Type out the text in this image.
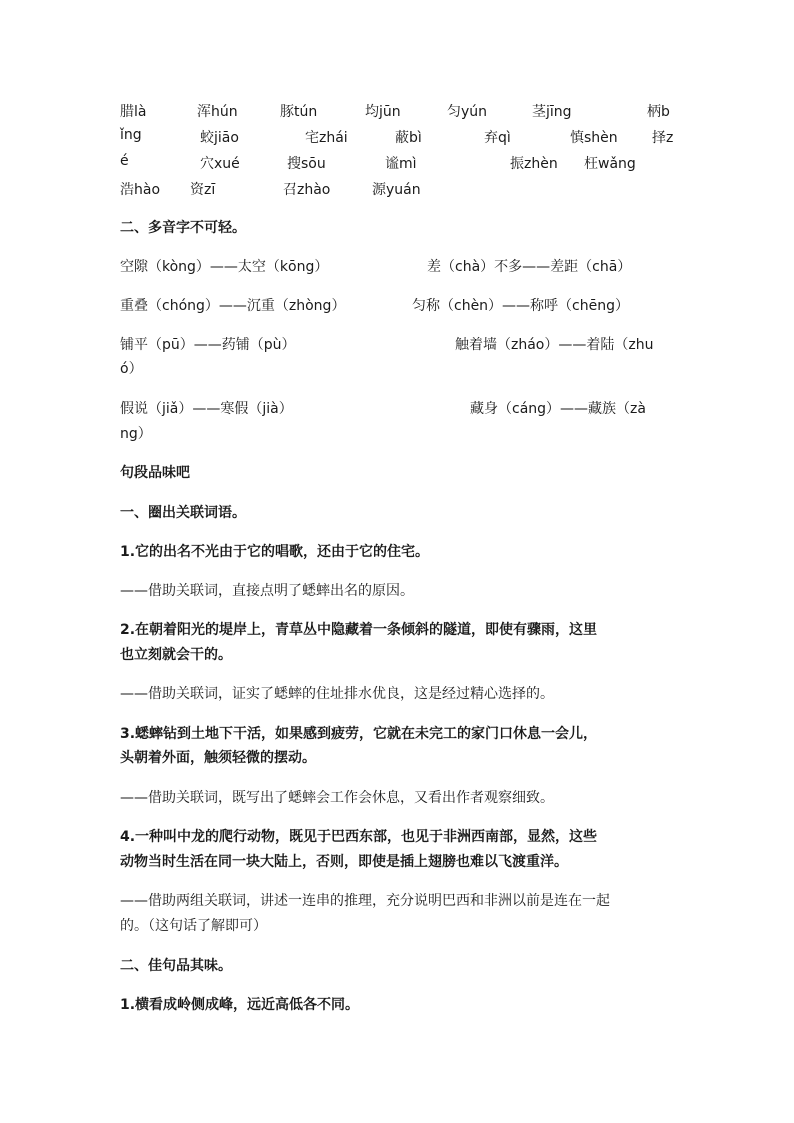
腊là	浑hún	豚tún	均jūn	匀yún	茎jīng	柄b
ǐng	蛟jiāo	宅zhái	蔽bì	弃qì	慎shèn 择z
é	穴xué	搜sōu	谧mì	振zhèn 枉wǎng
浩hào 资zī	召zhào	源yuán
二、多音字不可轻。
空隙（kòng）——太空（kōng）	差（chà）不多——差距（chā）
重叠（chóng）——沉重（zhòng）	匀称（chèn）——称呼（chēng）
铺平（pū）——药铺（pù）	触着墙（zháo）——着陆（zhu
ó）
假说（jiǎ）——寒假（jià）	藏身（cáng）——藏族（zà
ng）
句段品味吧
一、圈出关联词语。
1.它的出名不光由于它的唱歌，还由于它的住宅。
——借助关联词，直接点明了蟋蟀出名的原因。
2.在朝着阳光的堤岸上，青草丛中隐藏着一条倾斜的隧道，即使有骤雨，这里
也立刻就会干的。
——借助关联词，证实了蟋蟀的住址排水优良，这是经过精心选择的。
3.蟋蟀钻到土地下干活，如果感到疲劳，它就在未完工的家门口休息一会儿，
头朝着外面，触须轻微的摆动。
——借助关联词，既写出了蟋蟀会工作会休息，又看出作者观察细致。
4.一种叫中龙的爬行动物，既见于巴西东部，也见于非洲西南部，显然，这些
动物当时生活在同一块大陆上，否则，即使是插上翅膀也难以飞渡重洋。
——借助两组关联词，讲述一连串的推理，充分说明巴西和非洲以前是连在一起
的。（这句话了解即可）
二、佳句品其味。
1.横看成岭侧成峰，远近高低各不同。
